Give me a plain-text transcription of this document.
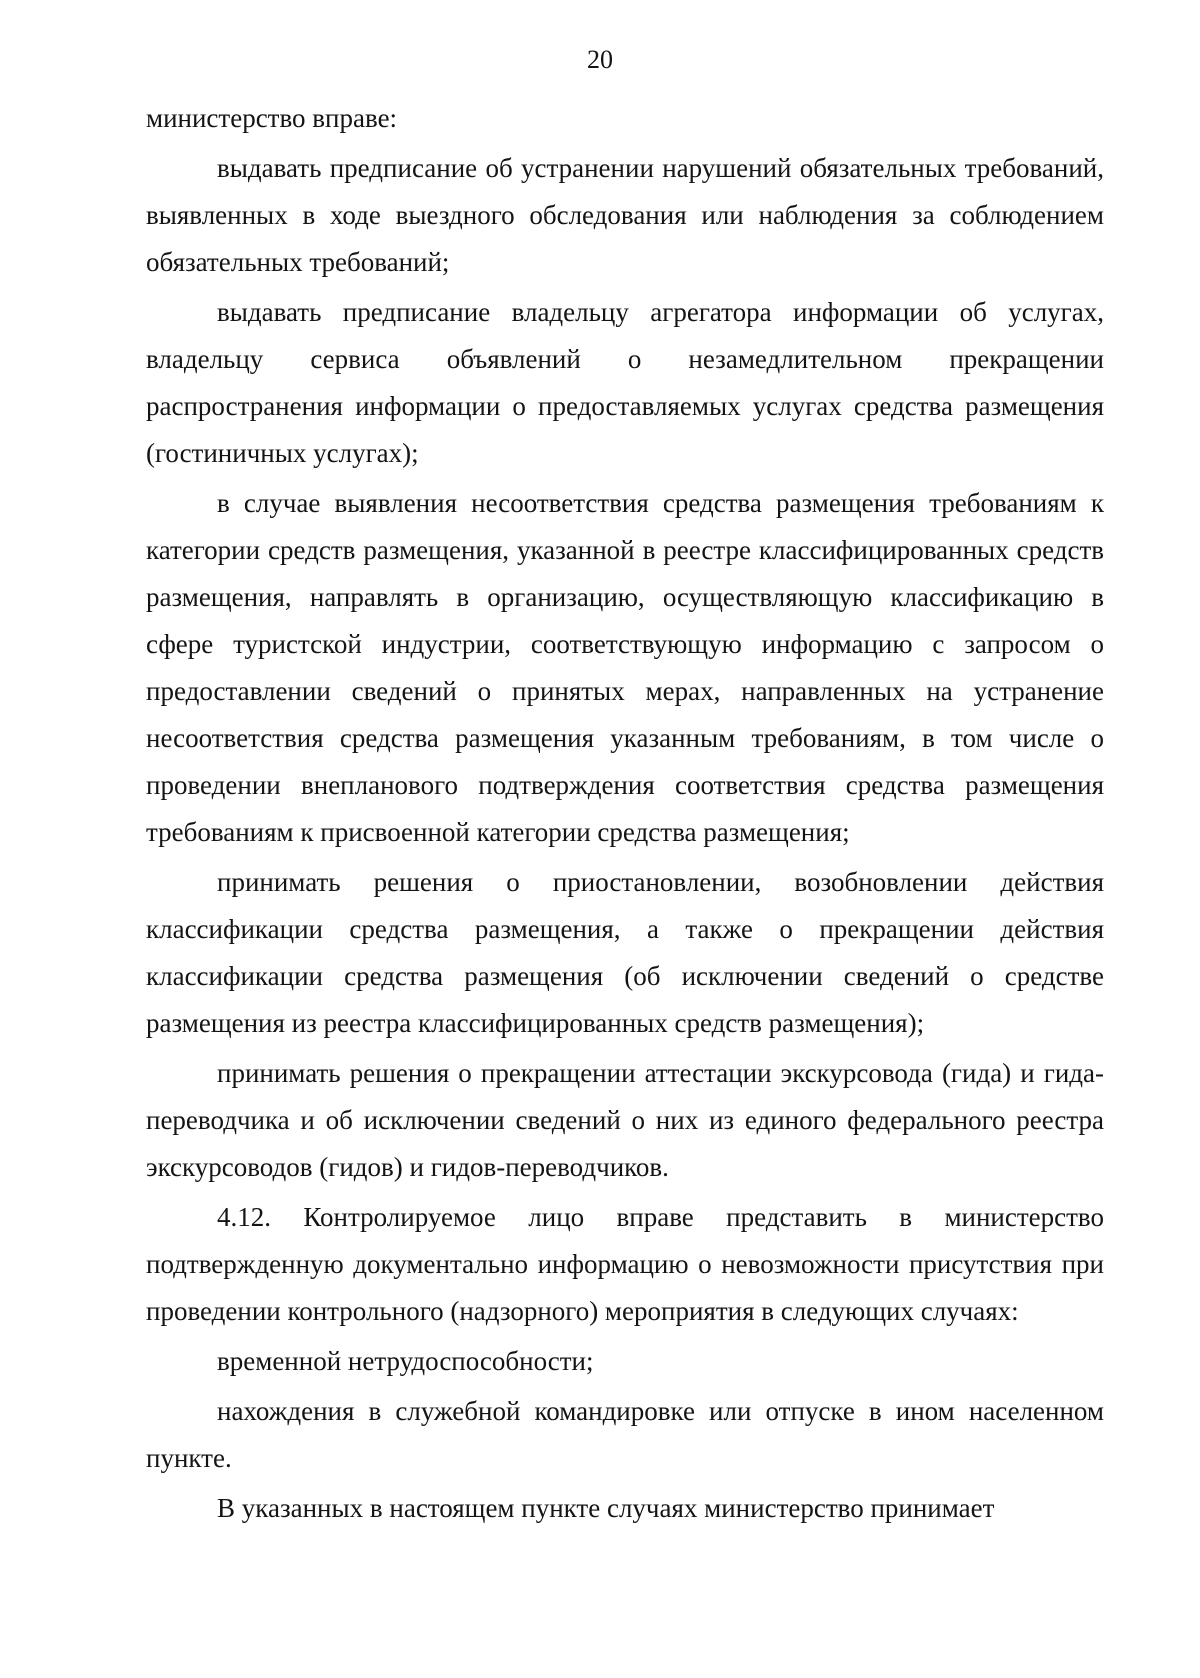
20

министерство вправе:

выдавать предписание об устранении нарушений обязательных требований, выявленных в ходе выездного обследования или наблюдения за соблюдением обязательных требований;

выдавать предписание владельцу агрегатора информации об услугах, владельцу сервиса объявлений о незамедлительном прекращении распространения информации о предоставляемых услугах средства размещения (гостиничных услугах);

в случае выявления несоответствия средства размещения требованиям к категории средств размещения, указанной в реестре классифицированных средств размещения, направлять в организацию, осуществляющую классификацию в сфере туристской индустрии, соответствующую информацию с запросом о предоставлении сведений о принятых мерах, направленных на устранение несоответствия средства размещения указанным требованиям, в том числе о проведении внепланового подтверждения соответствия средства размещения требованиям к присвоенной категории средства размещения;

принимать решения о приостановлении, возобновлении действия классификации средства размещения, а также о прекращении действия классификации средства размещения (об исключении сведений о средстве размещения из реестра классифицированных средств размещения);

принимать решения о прекращении аттестации экскурсовода (гида) и гида-переводчика и об исключении сведений о них из единого федерального реестра экскурсоводов (гидов) и гидов-переводчиков.

4.12. Контролируемое лицо вправе представить в министерство подтвержденную документально информацию о невозможности присутствия при проведении контрольного (надзорного) мероприятия в следующих случаях:

временной нетрудоспособности;

нахождения в служебной командировке или отпуске в ином населенном пункте.

В указанных в настоящем пункте случаях министерство принимает
